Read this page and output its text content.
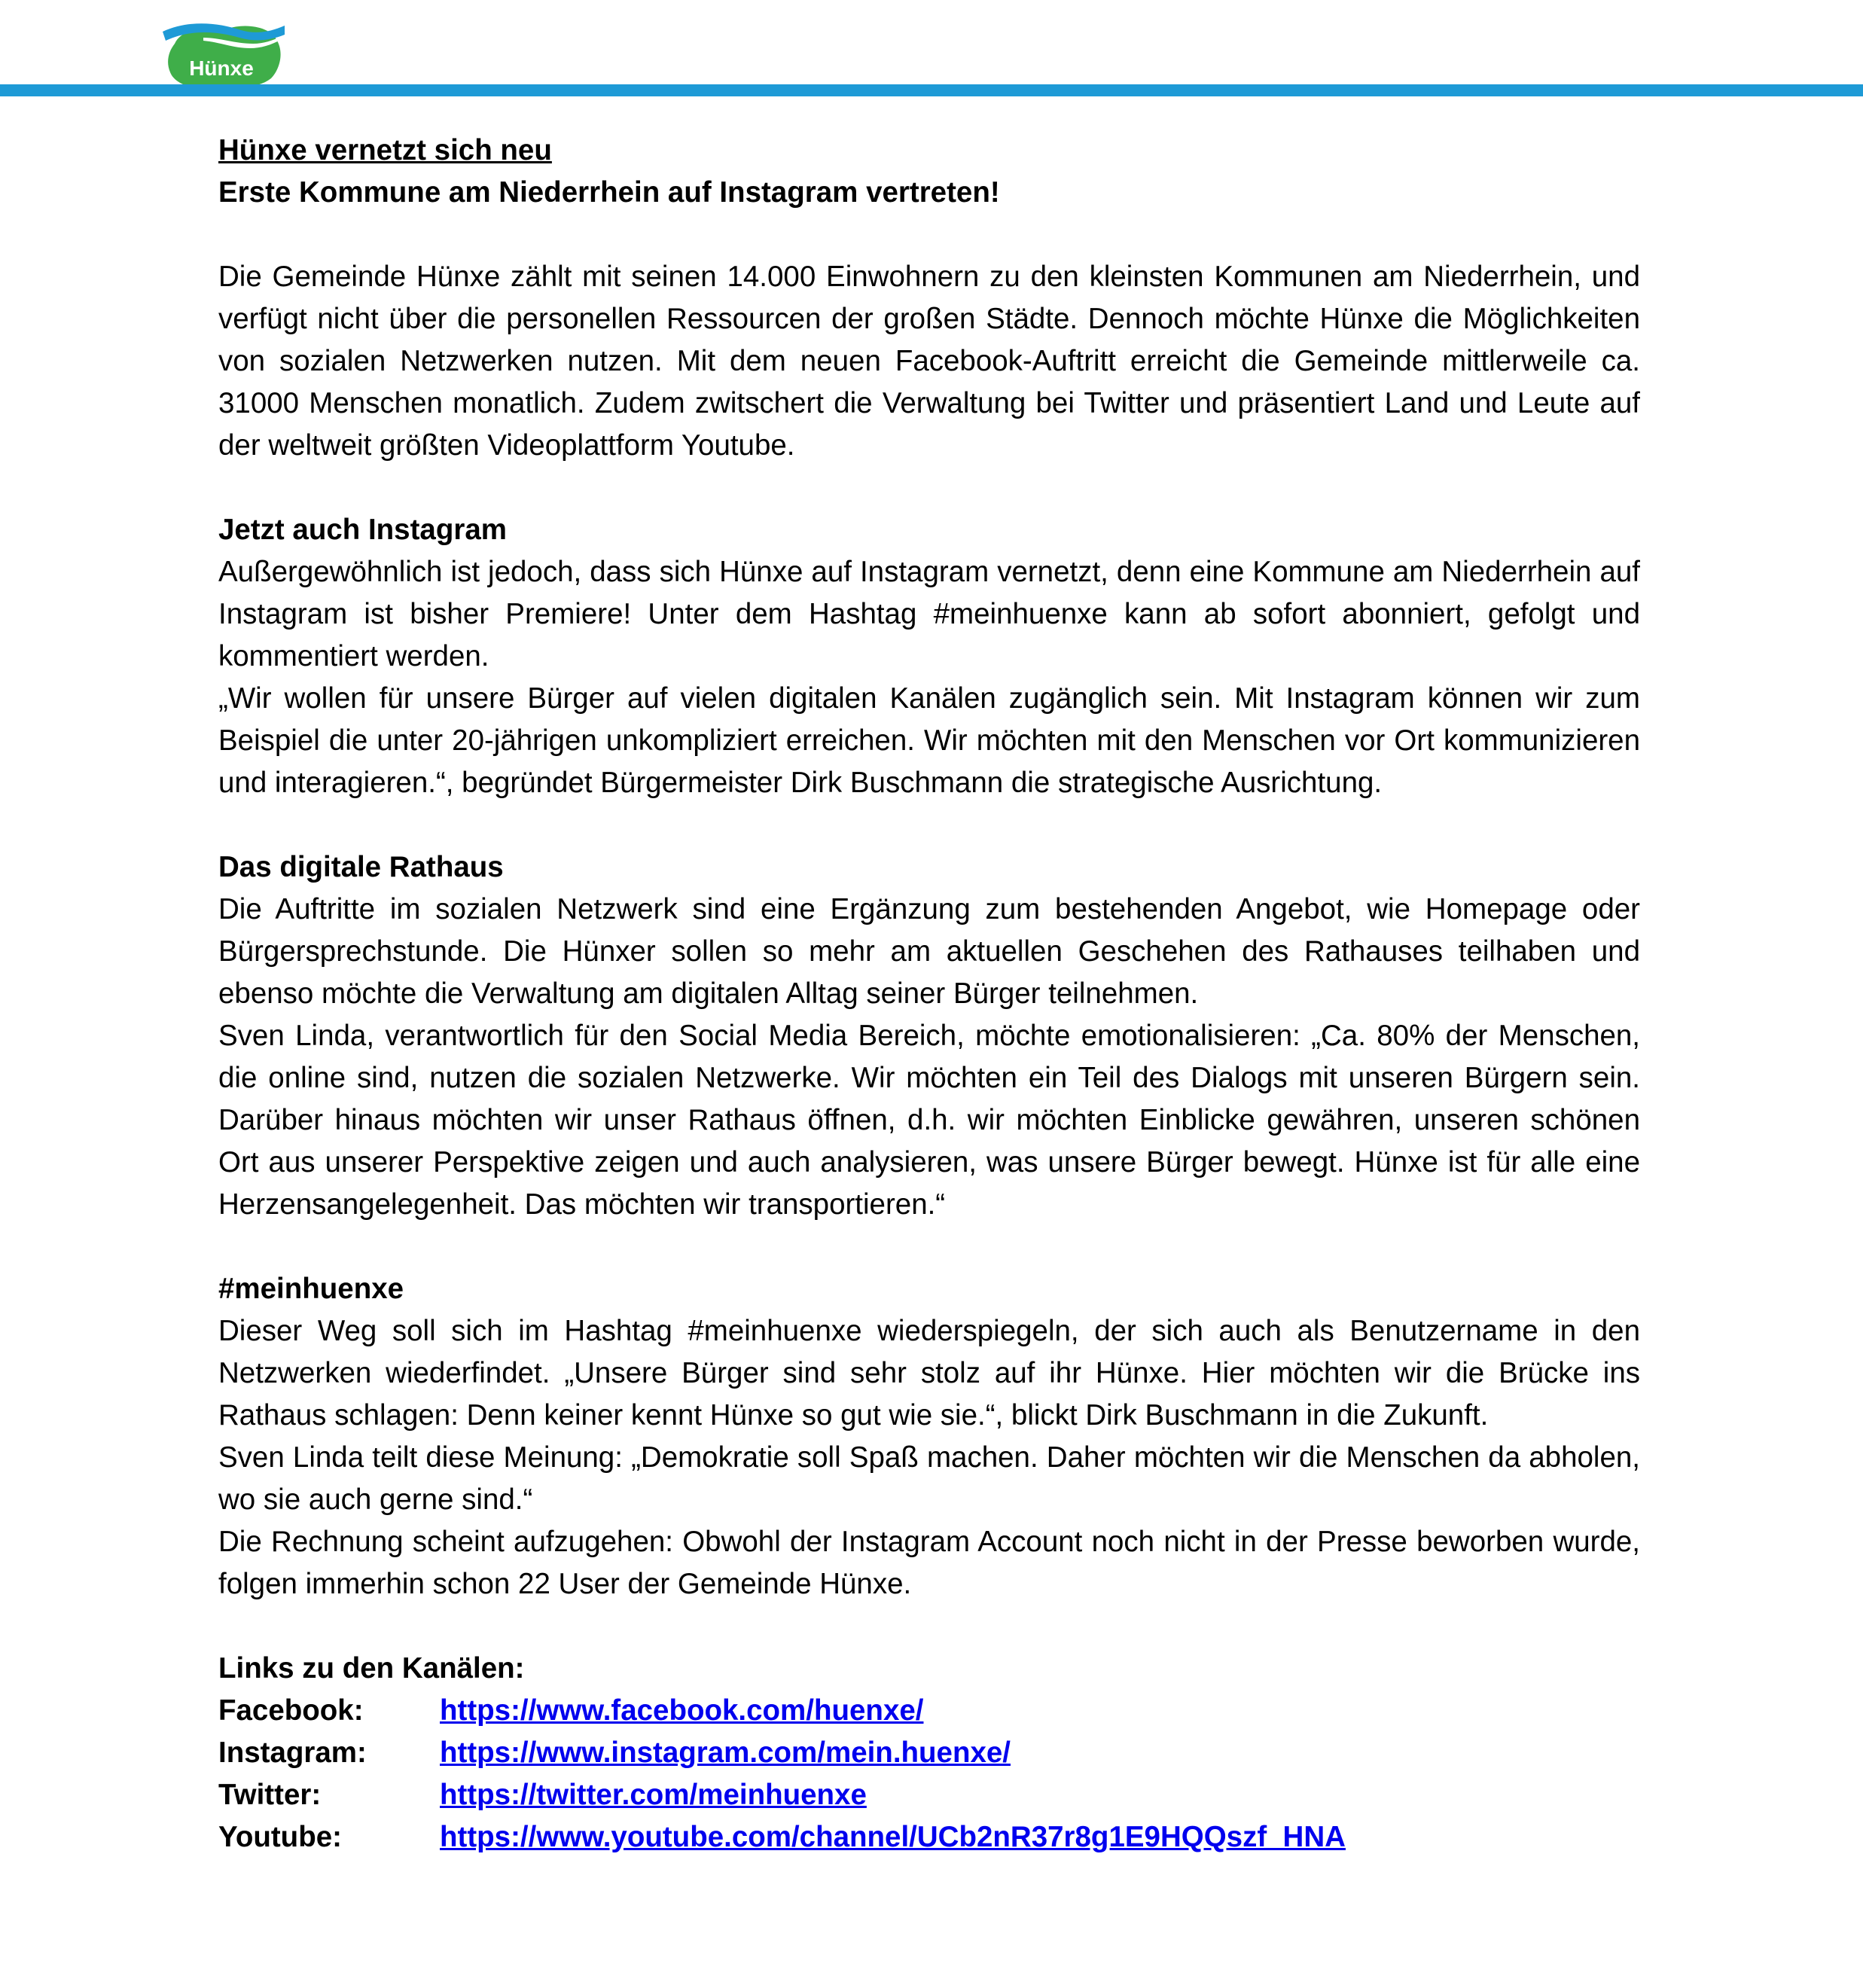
Hünxe
Hünxe vernetzt sich neu
Erste Kommune am Niederrhein auf Instagram vertreten!

Die Gemeinde Hünxe zählt mit seinen 14.000 Einwohnern zu den kleinsten Kommunen am Niederrhein, und verfügt nicht über die personellen Ressourcen der großen Städte. Dennoch möchte Hünxe die Möglichkeiten von sozialen Netzwerken nutzen. Mit dem neuen Facebook-Auftritt erreicht die Gemeinde mittlerweile ca. 31000 Menschen monatlich. Zudem zwitschert die Verwaltung bei Twitter und präsentiert Land und Leute auf der weltweit größten Videoplattform Youtube.

Jetzt auch Instagram

Außergewöhnlich ist jedoch, dass sich Hünxe auf Instagram vernetzt, denn eine Kommune am Niederrhein auf Instagram ist bisher Premiere! Unter dem Hashtag #meinhuenxe kann ab sofort abonniert, gefolgt und kommentiert werden.

„Wir wollen für unsere Bürger auf vielen digitalen Kanälen zugänglich sein. Mit Instagram können wir zum Beispiel die unter 20-jährigen unkompliziert erreichen. Wir möchten mit den Menschen vor Ort kommunizieren und interagieren.“, begründet Bürgermeister Dirk Buschmann die strategische Ausrichtung.

Das digitale Rathaus

Die Auftritte im sozialen Netzwerk sind eine Ergänzung zum bestehenden Angebot, wie Homepage oder Bürgersprechstunde. Die Hünxer sollen so mehr am aktuellen Geschehen des Rathauses teilhaben und ebenso möchte die Verwaltung am digitalen Alltag seiner Bürger teilnehmen.

Sven Linda, verantwortlich für den Social Media Bereich, möchte emotionalisieren: „Ca. 80% der Menschen, die online sind, nutzen die sozialen Netzwerke. Wir möchten ein Teil des Dialogs mit unseren Bürgern sein. Darüber hinaus möchten wir unser Rathaus öffnen, d.h. wir möchten Einblicke gewähren, unseren schönen Ort aus unserer Perspektive zeigen und auch analysieren, was unsere Bürger bewegt. Hünxe ist für alle eine Herzensangelegenheit. Das möchten wir transportieren.“

#meinhuenxe

Dieser Weg soll sich im Hashtag #meinhuenxe wiederspiegeln, der sich auch als Benutzername in den Netzwerken wiederfindet. „Unsere Bürger sind sehr stolz auf ihr Hünxe. Hier möchten wir die Brücke ins Rathaus schlagen: Denn keiner kennt Hünxe so gut wie sie.“, blickt Dirk Buschmann in die Zukunft.

Sven Linda teilt diese Meinung: „Demokratie soll Spaß machen. Daher möchten wir die Menschen da abholen, wo sie auch gerne sind.“

Die Rechnung scheint aufzugehen: Obwohl der Instagram Account noch nicht in der Presse beworben wurde, folgen immerhin schon 22 User der Gemeinde Hünxe.

Links zu den Kanälen:
Facebook:	https://www.facebook.com/huenxe/
Instagram:	https://www.instagram.com/mein.huenxe/
Twitter:	https://twitter.com/meinhuenxe
Youtube:	https://www.youtube.com/channel/UCb2nR37r8g1E9HQQszf_HNA
